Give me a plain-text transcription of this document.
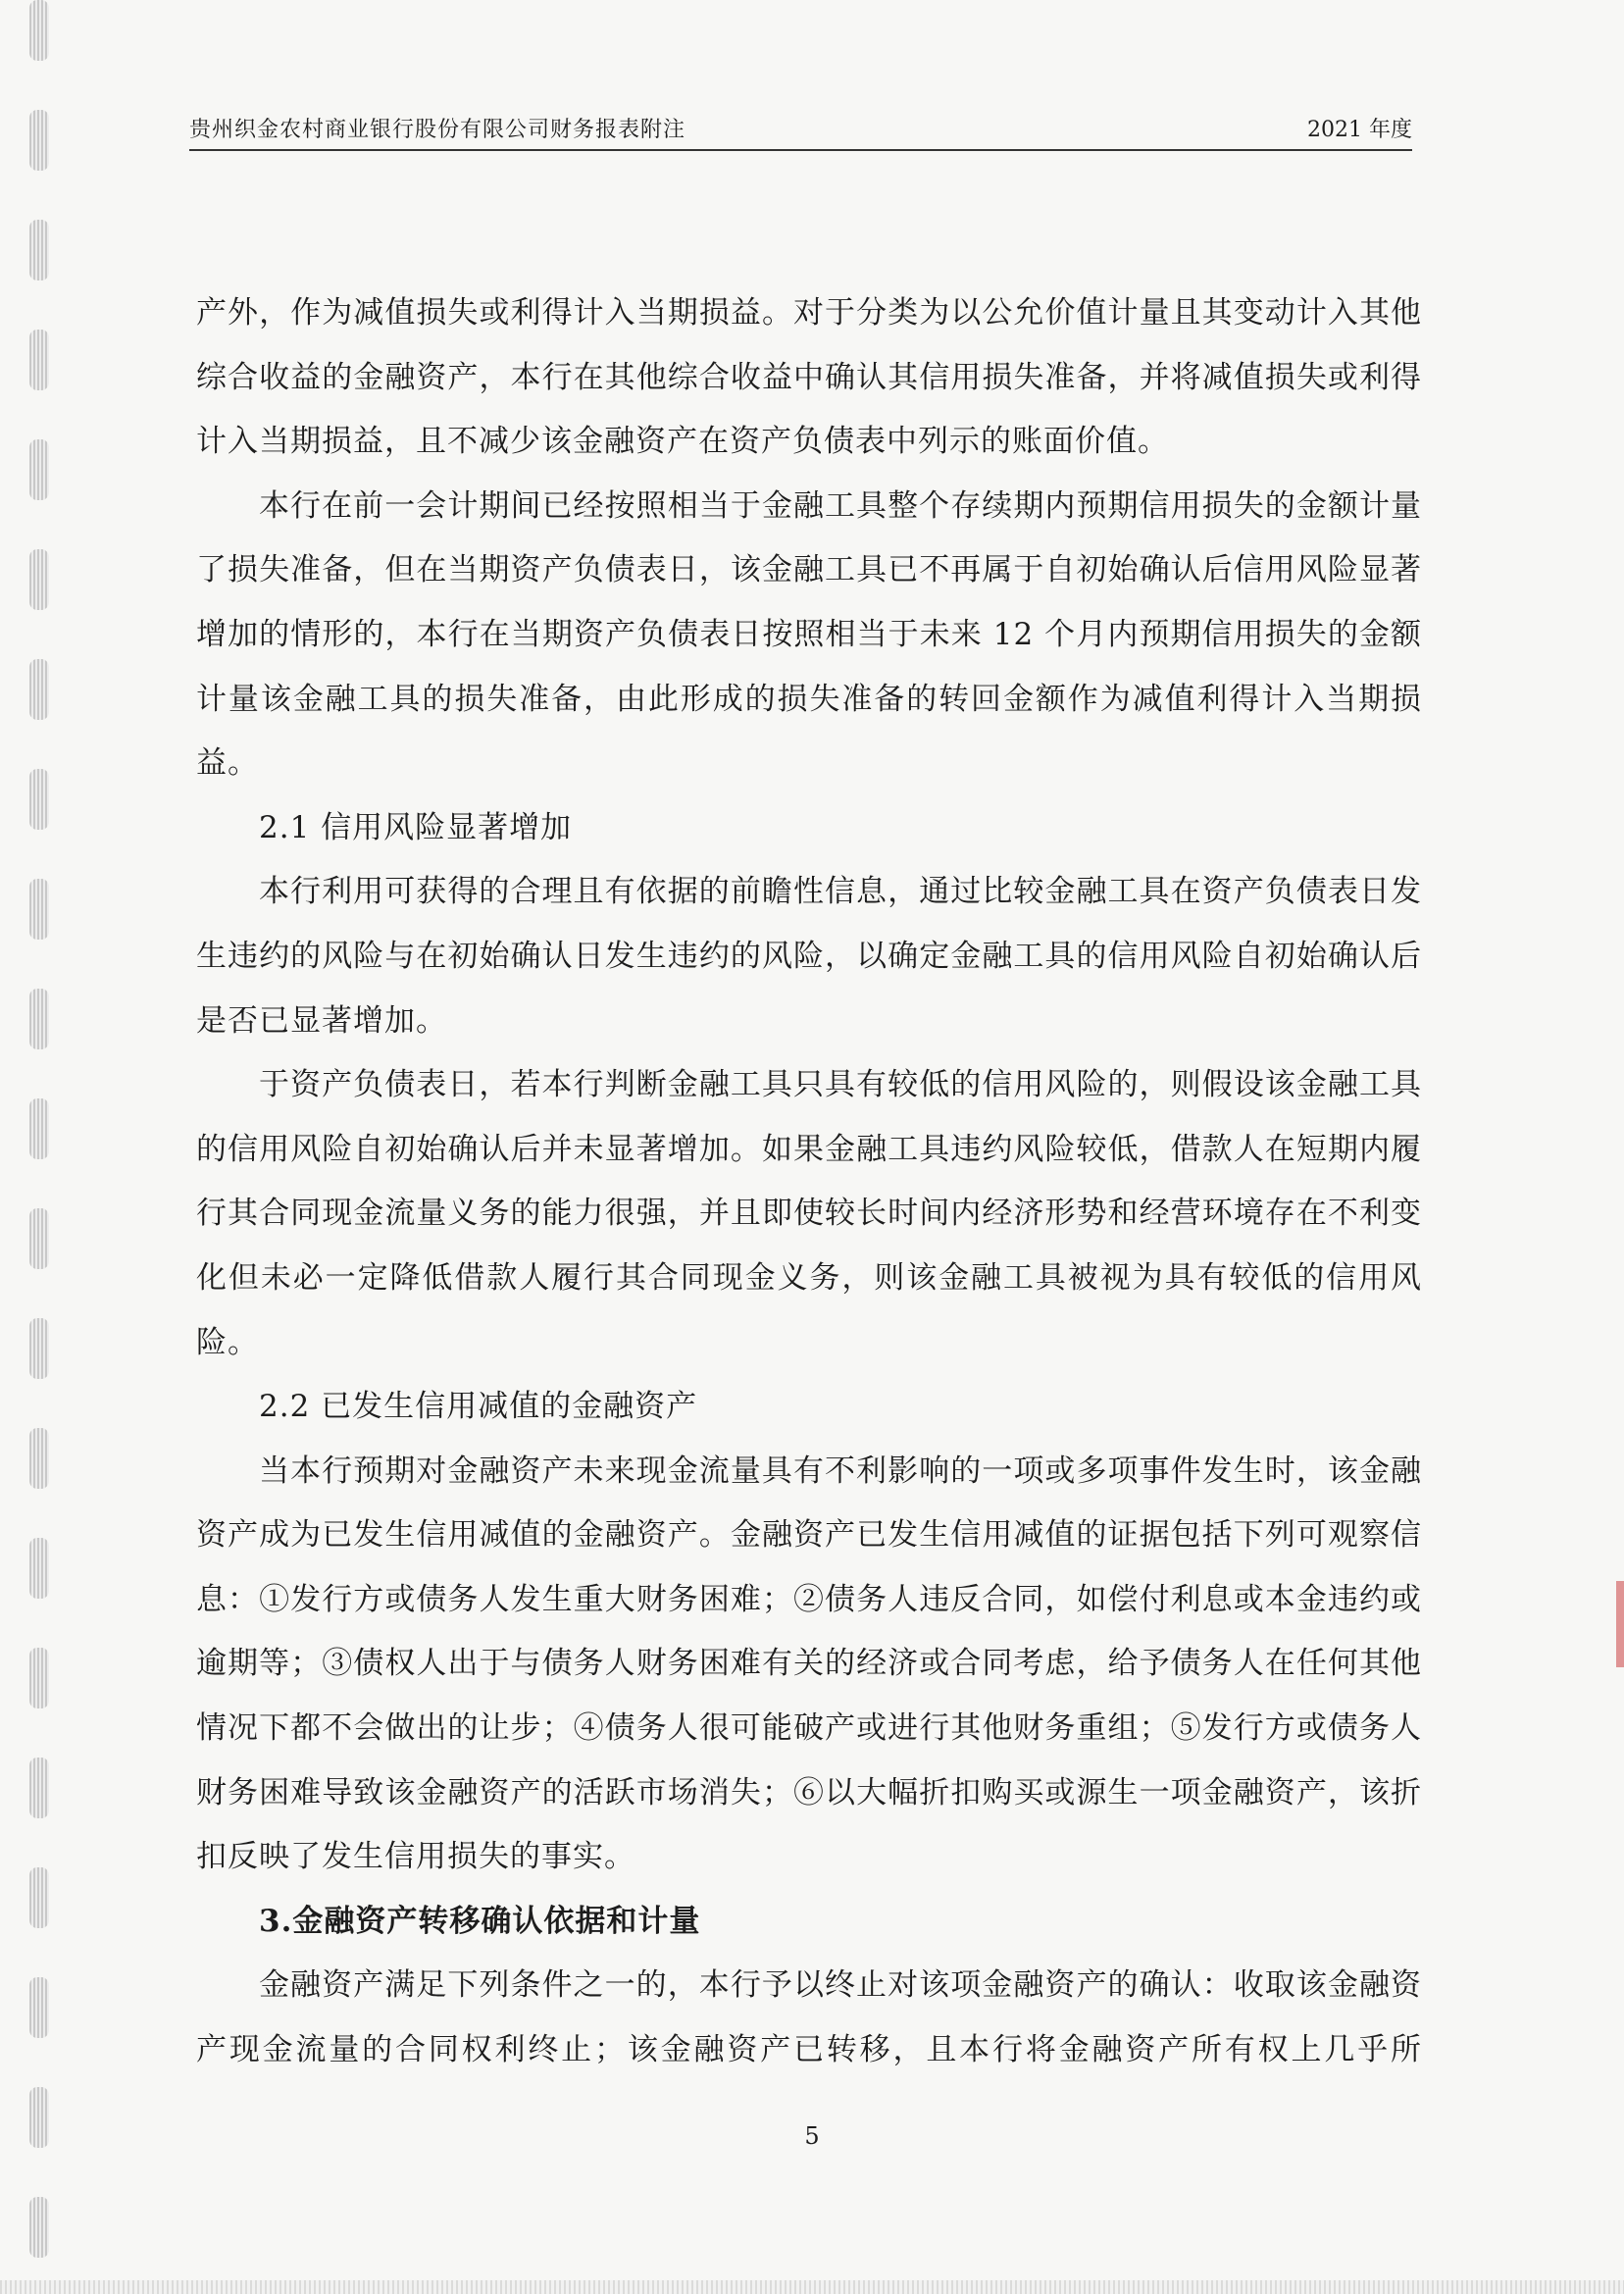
贵州织金农村商业银行股份有限公司财务报表附注	2021 年度

产外，作为减值损失或利得计入当期损益。对于分类为以公允价值计量且其变动计入其他综合收益的金融资产，本行在其他综合收益中确认其信用损失准备，并将减值损失或利得计入当期损益，且不减少该金融资产在资产负债表中列示的账面价值。

本行在前一会计期间已经按照相当于金融工具整个存续期内预期信用损失的金额计量了损失准备，但在当期资产负债表日，该金融工具已不再属于自初始确认后信用风险显著增加的情形的，本行在当期资产负债表日按照相当于未来 12 个月内预期信用损失的金额计量该金融工具的损失准备，由此形成的损失准备的转回金额作为减值利得计入当期损益。

2.1 信用风险显著增加

本行利用可获得的合理且有依据的前瞻性信息，通过比较金融工具在资产负债表日发生违约的风险与在初始确认日发生违约的风险，以确定金融工具的信用风险自初始确认后是否已显著增加。

于资产负债表日，若本行判断金融工具只具有较低的信用风险的，则假设该金融工具的信用风险自初始确认后并未显著增加。如果金融工具违约风险较低，借款人在短期内履行其合同现金流量义务的能力很强，并且即使较长时间内经济形势和经营环境存在不利变化但未必一定降低借款人履行其合同现金义务，则该金融工具被视为具有较低的信用风险。

2.2 已发生信用减值的金融资产

当本行预期对金融资产未来现金流量具有不利影响的一项或多项事件发生时，该金融资产成为已发生信用减值的金融资产。金融资产已发生信用减值的证据包括下列可观察信息：①发行方或债务人发生重大财务困难；②债务人违反合同，如偿付利息或本金违约或逾期等；③债权人出于与债务人财务困难有关的经济或合同考虑，给予债务人在任何其他情况下都不会做出的让步；④债务人很可能破产或进行其他财务重组；⑤发行方或债务人财务困难导致该金融资产的活跃市场消失；⑥以大幅折扣购买或源生一项金融资产，该折扣反映了发生信用损失的事实。

3.金融资产转移确认依据和计量

金融资产满足下列条件之一的，本行予以终止对该项金融资产的确认：收取该金融资产现金流量的合同权利终止；该金融资产已转移，且本行将金融资产所有权上几乎所

5
